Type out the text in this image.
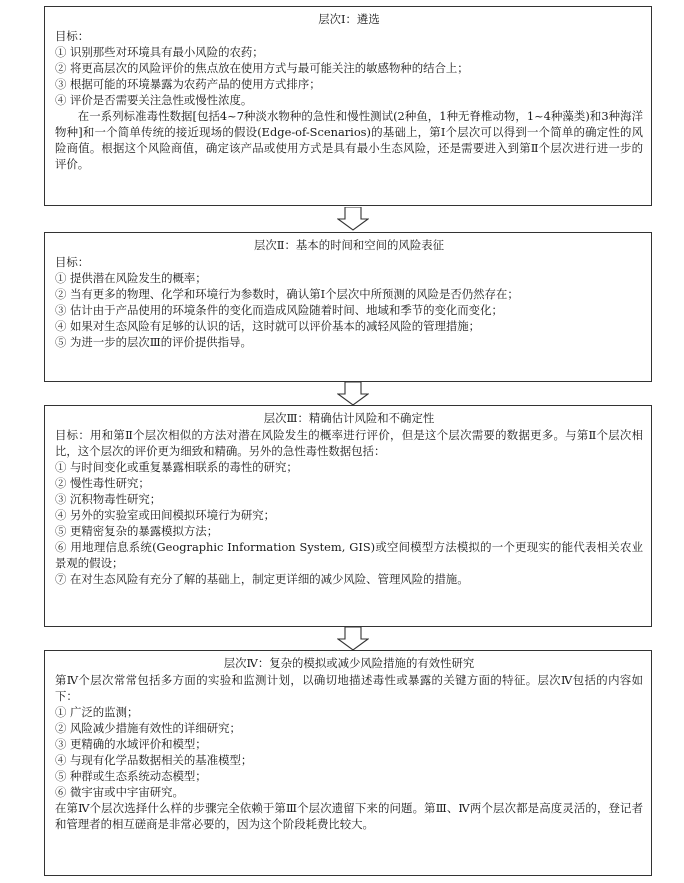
层次Ⅰ：遴选
目标：
① 识别那些对环境具有最小风险的农药；
② 将更高层次的风险评价的焦点放在使用方式与最可能关注的敏感物种的结合上；
③ 根据可能的环境暴露为农药产品的使用方式排序；
④ 评价是否需要关注急性或慢性浓度。
在一系列标准毒性数据[包括4~7种淡水物种的急性和慢性测试(2种鱼，1种无脊椎动物，1~4种藻类)和3种海洋物种]和一个简单传统的接近现场的假设(Edge-of-Scenarios)的基础上，第Ⅰ个层次可以得到一个简单的确定性的风险商值。根据这个风险商值，确定该产品或使用方式是具有最小生态风险，还是需要进入到第Ⅱ个层次进行进一步的评价。
层次Ⅱ：基本的时间和空间的风险表征
目标：
① 提供潜在风险发生的概率；
② 当有更多的物理、化学和环境行为参数时，确认第Ⅰ个层次中所预测的风险是否仍然存在；
③ 估计由于产品使用的环境条件的变化而造成风险随着时间、地域和季节的变化而变化；
④ 如果对生态风险有足够的认识的话，这时就可以评价基本的减轻风险的管理措施；
⑤ 为进一步的层次Ⅲ的评价提供指导。
层次Ⅲ：精确估计风险和不确定性
目标：用和第Ⅱ个层次相似的方法对潜在风险发生的概率进行评价，但是这个层次需要的数据更多。与第Ⅱ个层次相比，这个层次的评价更为细致和精确。另外的急性毒性数据包括：
① 与时间变化或重复暴露相联系的毒性的研究；
② 慢性毒性研究；
③ 沉积物毒性研究；
④ 另外的实验室或田间模拟环境行为研究；
⑤ 更精密复杂的暴露模拟方法；
⑥ 用地理信息系统(Geographic Information System, GIS)或空间模型方法模拟的一个更现实的能代表相关农业景观的假设；
⑦ 在对生态风险有充分了解的基础上，制定更详细的减少风险、管理风险的措施。
层次Ⅳ：复杂的模拟或减少风险措施的有效性研究
第Ⅳ个层次常常包括多方面的实验和监测计划，以确切地描述毒性或暴露的关键方面的特征。层次Ⅳ包括的内容如下：
① 广泛的监测；
② 风险减少措施有效性的详细研究；
③ 更精确的水域评价和模型；
④ 与现有化学品数据相关的基准模型；
⑤ 种群或生态系统动态模型；
⑥ 微宇宙或中宇宙研究。
在第Ⅳ个层次选择什么样的步骤完全依赖于第Ⅲ个层次遗留下来的问题。第Ⅲ、Ⅳ两个层次都是高度灵活的，登记者和管理者的相互磋商是非常必要的，因为这个阶段耗费比较大。
